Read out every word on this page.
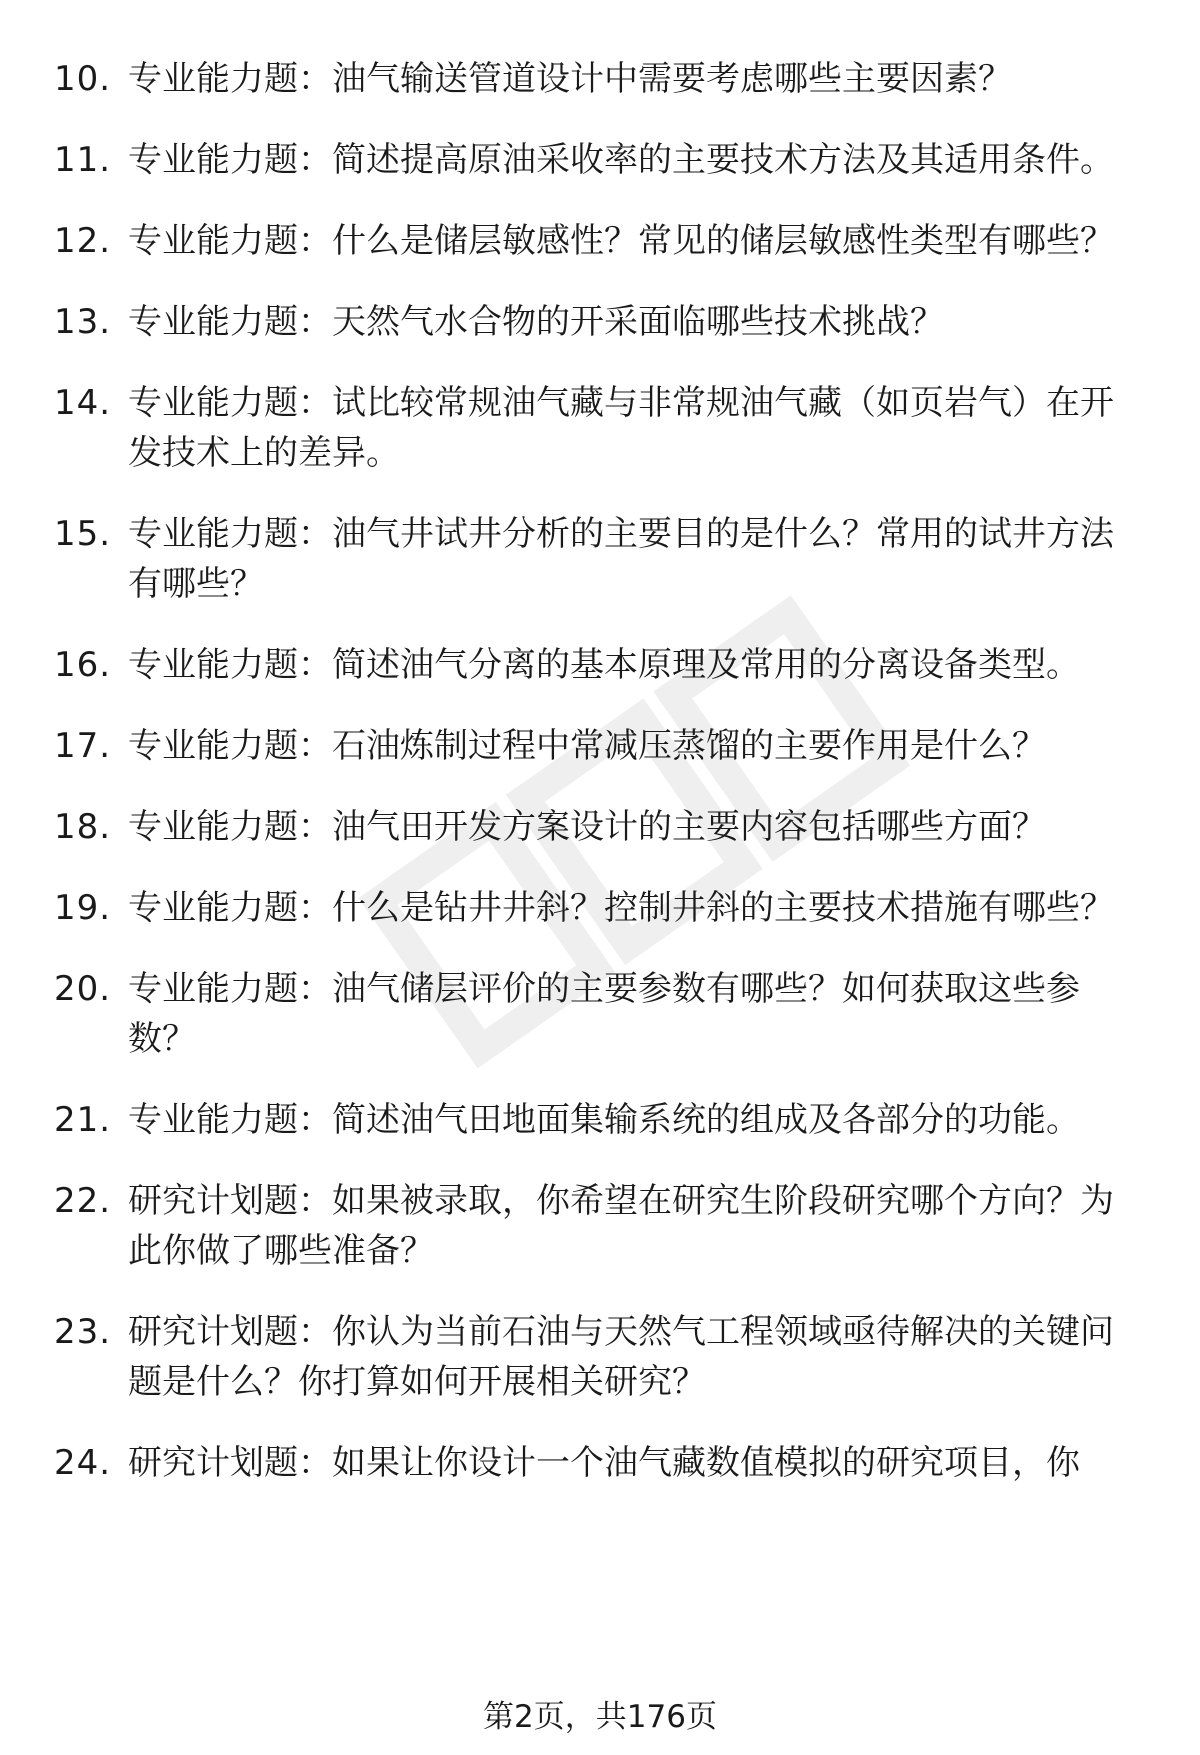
10. 专业能力题：油气输送管道设计中需要考虑哪些主要因素？
11. 专业能力题：简述提高原油采收率的主要技术方法及其适用条件。
12. 专业能力题：什么是储层敏感性？常见的储层敏感性类型有哪些？
13. 专业能力题：天然气水合物的开采面临哪些技术挑战？
14. 专业能力题：试比较常规油气藏与非常规油气藏（如页岩气）在开发技术上的差异。
15. 专业能力题：油气井试井分析的主要目的是什么？常用的试井方法有哪些？
16. 专业能力题：简述油气分离的基本原理及常用的分离设备类型。
17. 专业能力题：石油炼制过程中常减压蒸馏的主要作用是什么？
18. 专业能力题：油气田开发方案设计的主要内容包括哪些方面？
19. 专业能力题：什么是钻井井斜？控制井斜的主要技术措施有哪些？
20. 专业能力题：油气储层评价的主要参数有哪些？如何获取这些参数？
21. 专业能力题：简述油气田地面集输系统的组成及各部分的功能。
22. 研究计划题：如果被录取，你希望在研究生阶段研究哪个方向？为此你做了哪些准备？
23. 研究计划题：你认为当前石油与天然气工程领域亟待解决的关键问题是什么？你打算如何开展相关研究？
24. 研究计划题：如果让你设计一个油气藏数值模拟的研究项目，你
第2页，共176页
